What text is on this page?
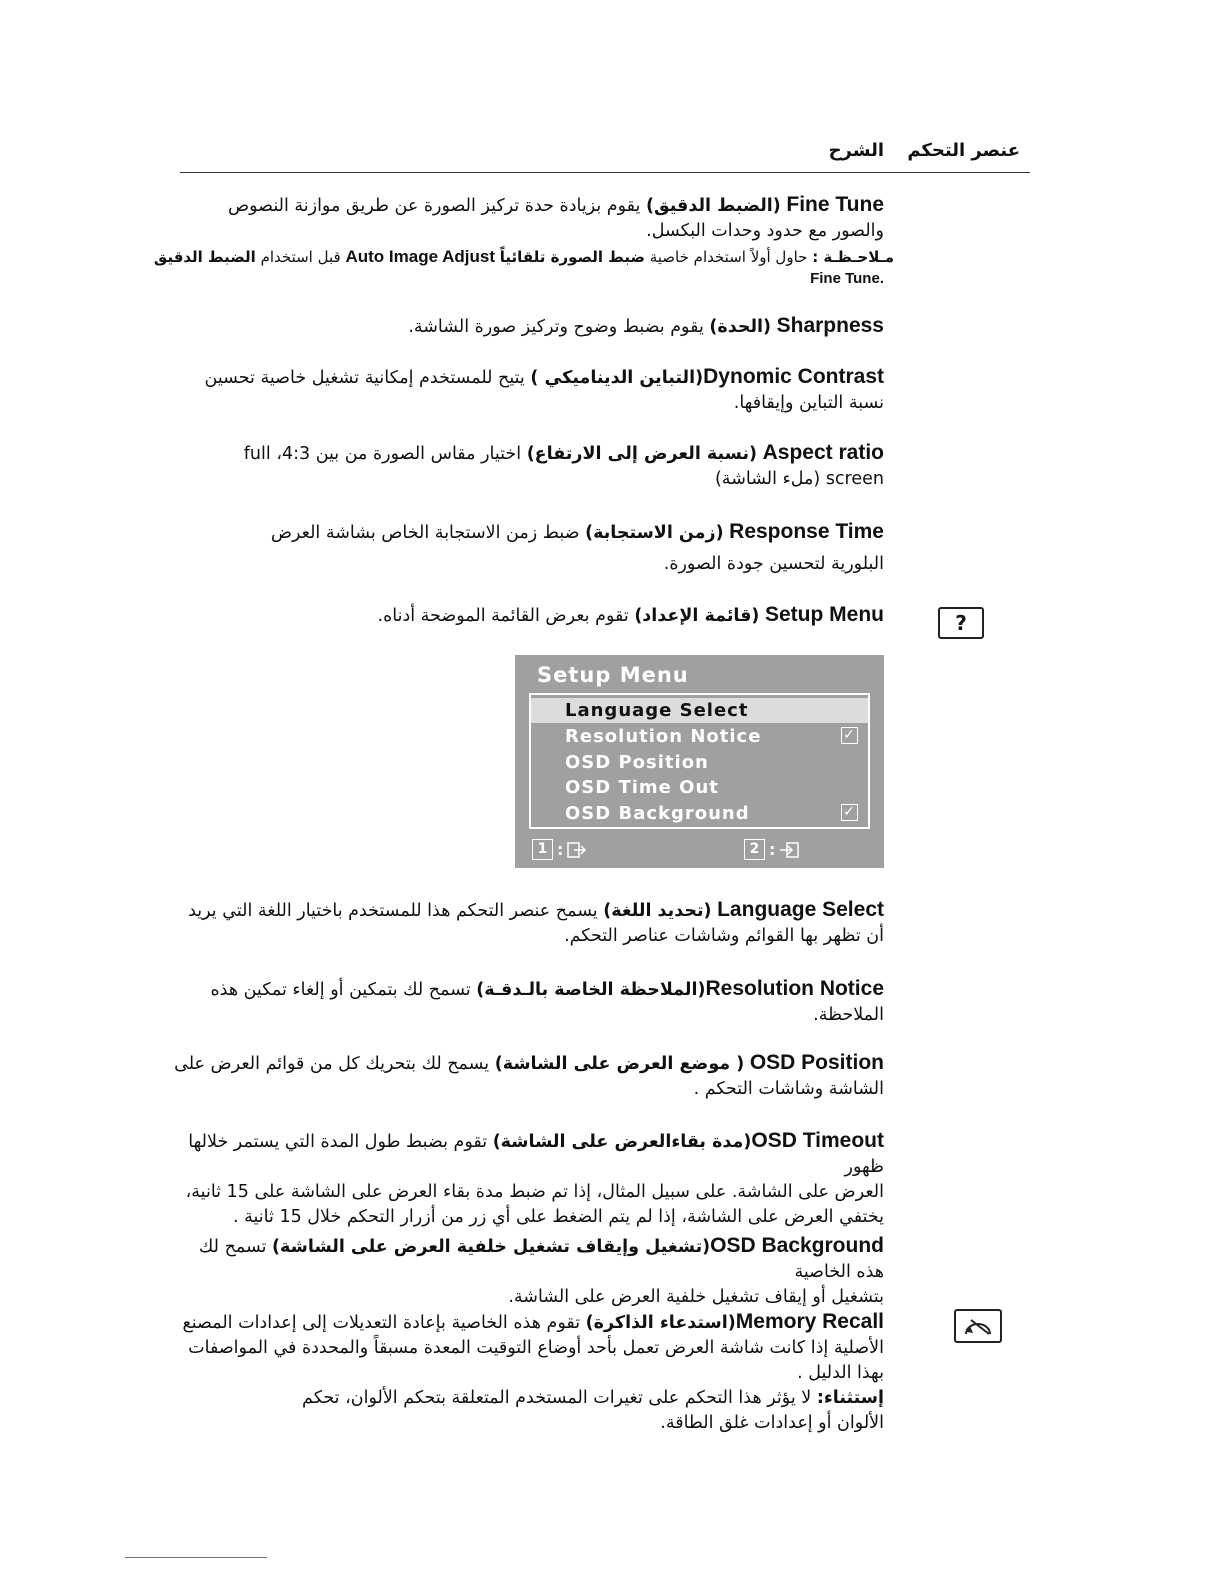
عنصر التحكم
الشرح
Fine Tune (الضبط الدقيق) يقوم بزيادة حدة تركيز الصورة عن طريق موازنة النصوص
والصور مع حدود وحدات البكسل.
مـلاحـظـة : حاول أولاً استخدام خاصية ضبط الصورة تلقائياً Auto Image Adjust قبل استخدام الضبط الدقيق
.Fine Tune
Sharpness (الحدة) يقوم بضبط وضوح وتركيز صورة الشاشة.
Dynomic Contrast(التباين الديناميكي ) يتيح للمستخدم إمكانية تشغيل خاصية تحسين
نسبة التباين وإيقافها.
Aspect ratio (نسبة العرض إلى الارتفاع) اختيار مقاس الصورة من بين 4:3، full
screen (ملء الشاشة)
Response Time (زمن الاستجابة) ضبط زمن الاستجابة الخاص بشاشة العرض
البلورية لتحسين جودة الصورة.
Setup Menu (قائمة الإعداد) تقوم بعرض القائمة الموضحة أدناه.	?
Setup Menu
Language Select
Resolution Notice	✓
OSD Position
OSD Time Out
OSD Background	✓
1 :	2 :
Language Select (تحديد اللغة) يسمح عنصر التحكم هذا للمستخدم باختيار اللغة التي يريد
أن تظهر بها القوائم وشاشات عناصر التحكم.
Resolution Notice(الملاحظة الخاصة بالـدقـة) تسمح لك بتمكين أو إلغاء تمكين هذه
الملاحظة.
OSD Position ( موضع العرض على الشاشة) يسمح لك بتحريك كل من قوائم العرض على
الشاشة وشاشات التحكم .
OSD Timeout(مدة بقاءالعرض على الشاشة) تقوم بضبط طول المدة التي يستمر خلالها ظهور
العرض على الشاشة. على سبيل المثال، إذا تم ضبط مدة بقاء العرض على الشاشة على 15 ثانية،
يختفي العرض على الشاشة، إذا لم يتم الضغط على أي زر من أزرار التحكم خلال 15 ثانية .
OSD Background(تشغيل وإيقاف تشغيل خلفية العرض على الشاشة) تسمح لك هذه الخاصية
بتشغيل أو إيقاف تشغيل خلفية العرض على الشاشة.
Memory Recall(استدعاء الذاكرة) تقوم هذه الخاصية بإعادة التعديلات إلى إعدادات المصنع
الأصلية إذا كانت شاشة العرض تعمل بأحد أوضاع التوقيت المعدة مسبقاً والمحددة في المواصفات
بهذا الدليل .
إستثناء: لا يؤثر هذا التحكم على تغيرات المستخدم المتعلقة بتحكم الألوان، تحكم
الألوان أو إعدادات غلق الطاقة.
